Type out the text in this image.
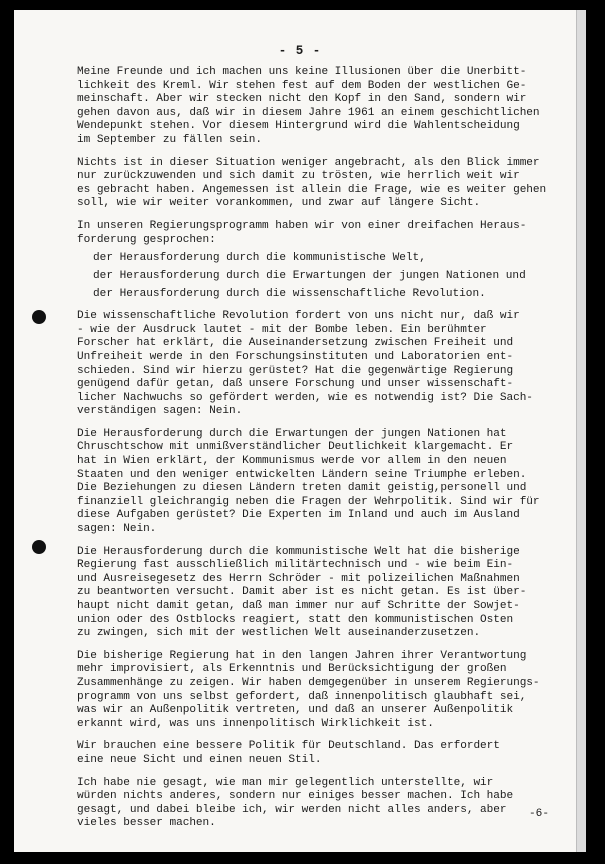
- 5 -

Meine Freunde und ich machen uns keine Illusionen über die Unerbitt-
lichkeit des Kreml. Wir stehen fest auf dem Boden der westlichen Ge-
meinschaft. Aber wir stecken nicht den Kopf in den Sand, sondern wir
gehen davon aus, daß wir in diesem Jahre 1961 an einem geschichtlichen
Wendepunkt stehen. Vor diesem Hintergrund wird die Wahlentscheidung
im September zu fällen sein.

Nichts ist in dieser Situation weniger angebracht, als den Blick immer
nur zurückzuwenden und sich damit zu trösten, wie herrlich weit wir
es gebracht haben. Angemessen ist allein die Frage, wie es weiter gehen
soll, wie wir weiter vorankommen, und zwar auf längere Sicht.

In unseren Regierungsprogramm haben wir von einer dreifachen Heraus-
forderung gesprochen:

der Herausforderung durch die kommunistische Welt,
der Herausforderung durch die Erwartungen der jungen Nationen und
der Herausforderung durch die wissenschaftliche Revolution.

Die wissenschaftliche Revolution fordert von uns nicht nur, daß wir
- wie der Ausdruck lautet - mit der Bombe leben. Ein berühmter
Forscher hat erklärt, die Auseinandersetzung zwischen Freiheit und
Unfreiheit werde in den Forschungsinstituten und Laboratorien ent-
schieden. Sind wir hierzu gerüstet? Hat die gegenwärtige Regierung
genügend dafür getan, daß unsere Forschung und unser wissenschaft-
licher Nachwuchs so gefördert werden, wie es notwendig ist? Die Sach-
verständigen sagen: Nein.

Die Herausforderung durch die Erwartungen der jungen Nationen hat
Chruschtschow mit unmißverständlicher Deutlichkeit klargemacht. Er
hat in Wien erklärt, der Kommunismus werde vor allem in den neuen
Staaten und den weniger entwickelten Ländern seine Triumphe erleben.
Die Beziehungen zu diesen Ländern treten damit geistig,personell und
finanziell gleichrangig neben die Fragen der Wehrpolitik. Sind wir für
diese Aufgaben gerüstet? Die Experten im Inland und auch im Ausland
sagen: Nein.

Die Herausforderung durch die kommunistische Welt hat die bisherige
Regierung fast ausschließlich militärtechnisch und - wie beim Ein-
und Ausreisegesetz des Herrn Schröder - mit polizeilichen Maßnahmen
zu beantworten versucht. Damit aber ist es nicht getan. Es ist über-
haupt nicht damit getan, daß man immer nur auf Schritte der Sowjet-
union oder des Ostblocks reagiert, statt den kommunistischen Osten
zu zwingen, sich mit der westlichen Welt auseinanderzusetzen.

Die bisherige Regierung hat in den langen Jahren ihrer Verantwortung
mehr improvisiert, als Erkenntnis und Berücksichtigung der großen
Zusammenhänge zu zeigen. Wir haben demgegenüber in unserem Regierungs-
programm von uns selbst gefordert, daß innenpolitisch glaubhaft sei,
was wir an Außenpolitik vertreten, und daß an unserer Außenpolitik
erkannt wird, was uns innenpolitisch Wirklichkeit ist.

Wir brauchen eine bessere Politik für Deutschland. Das erfordert
eine neue Sicht und einen neuen Stil.

Ich habe nie gesagt, wie man mir gelegentlich unterstellte, wir
würden nichts anderes, sondern nur einiges besser machen. Ich habe
gesagt, und dabei bleibe ich, wir werden nicht alles anders, aber
vieles besser machen.

-6-
